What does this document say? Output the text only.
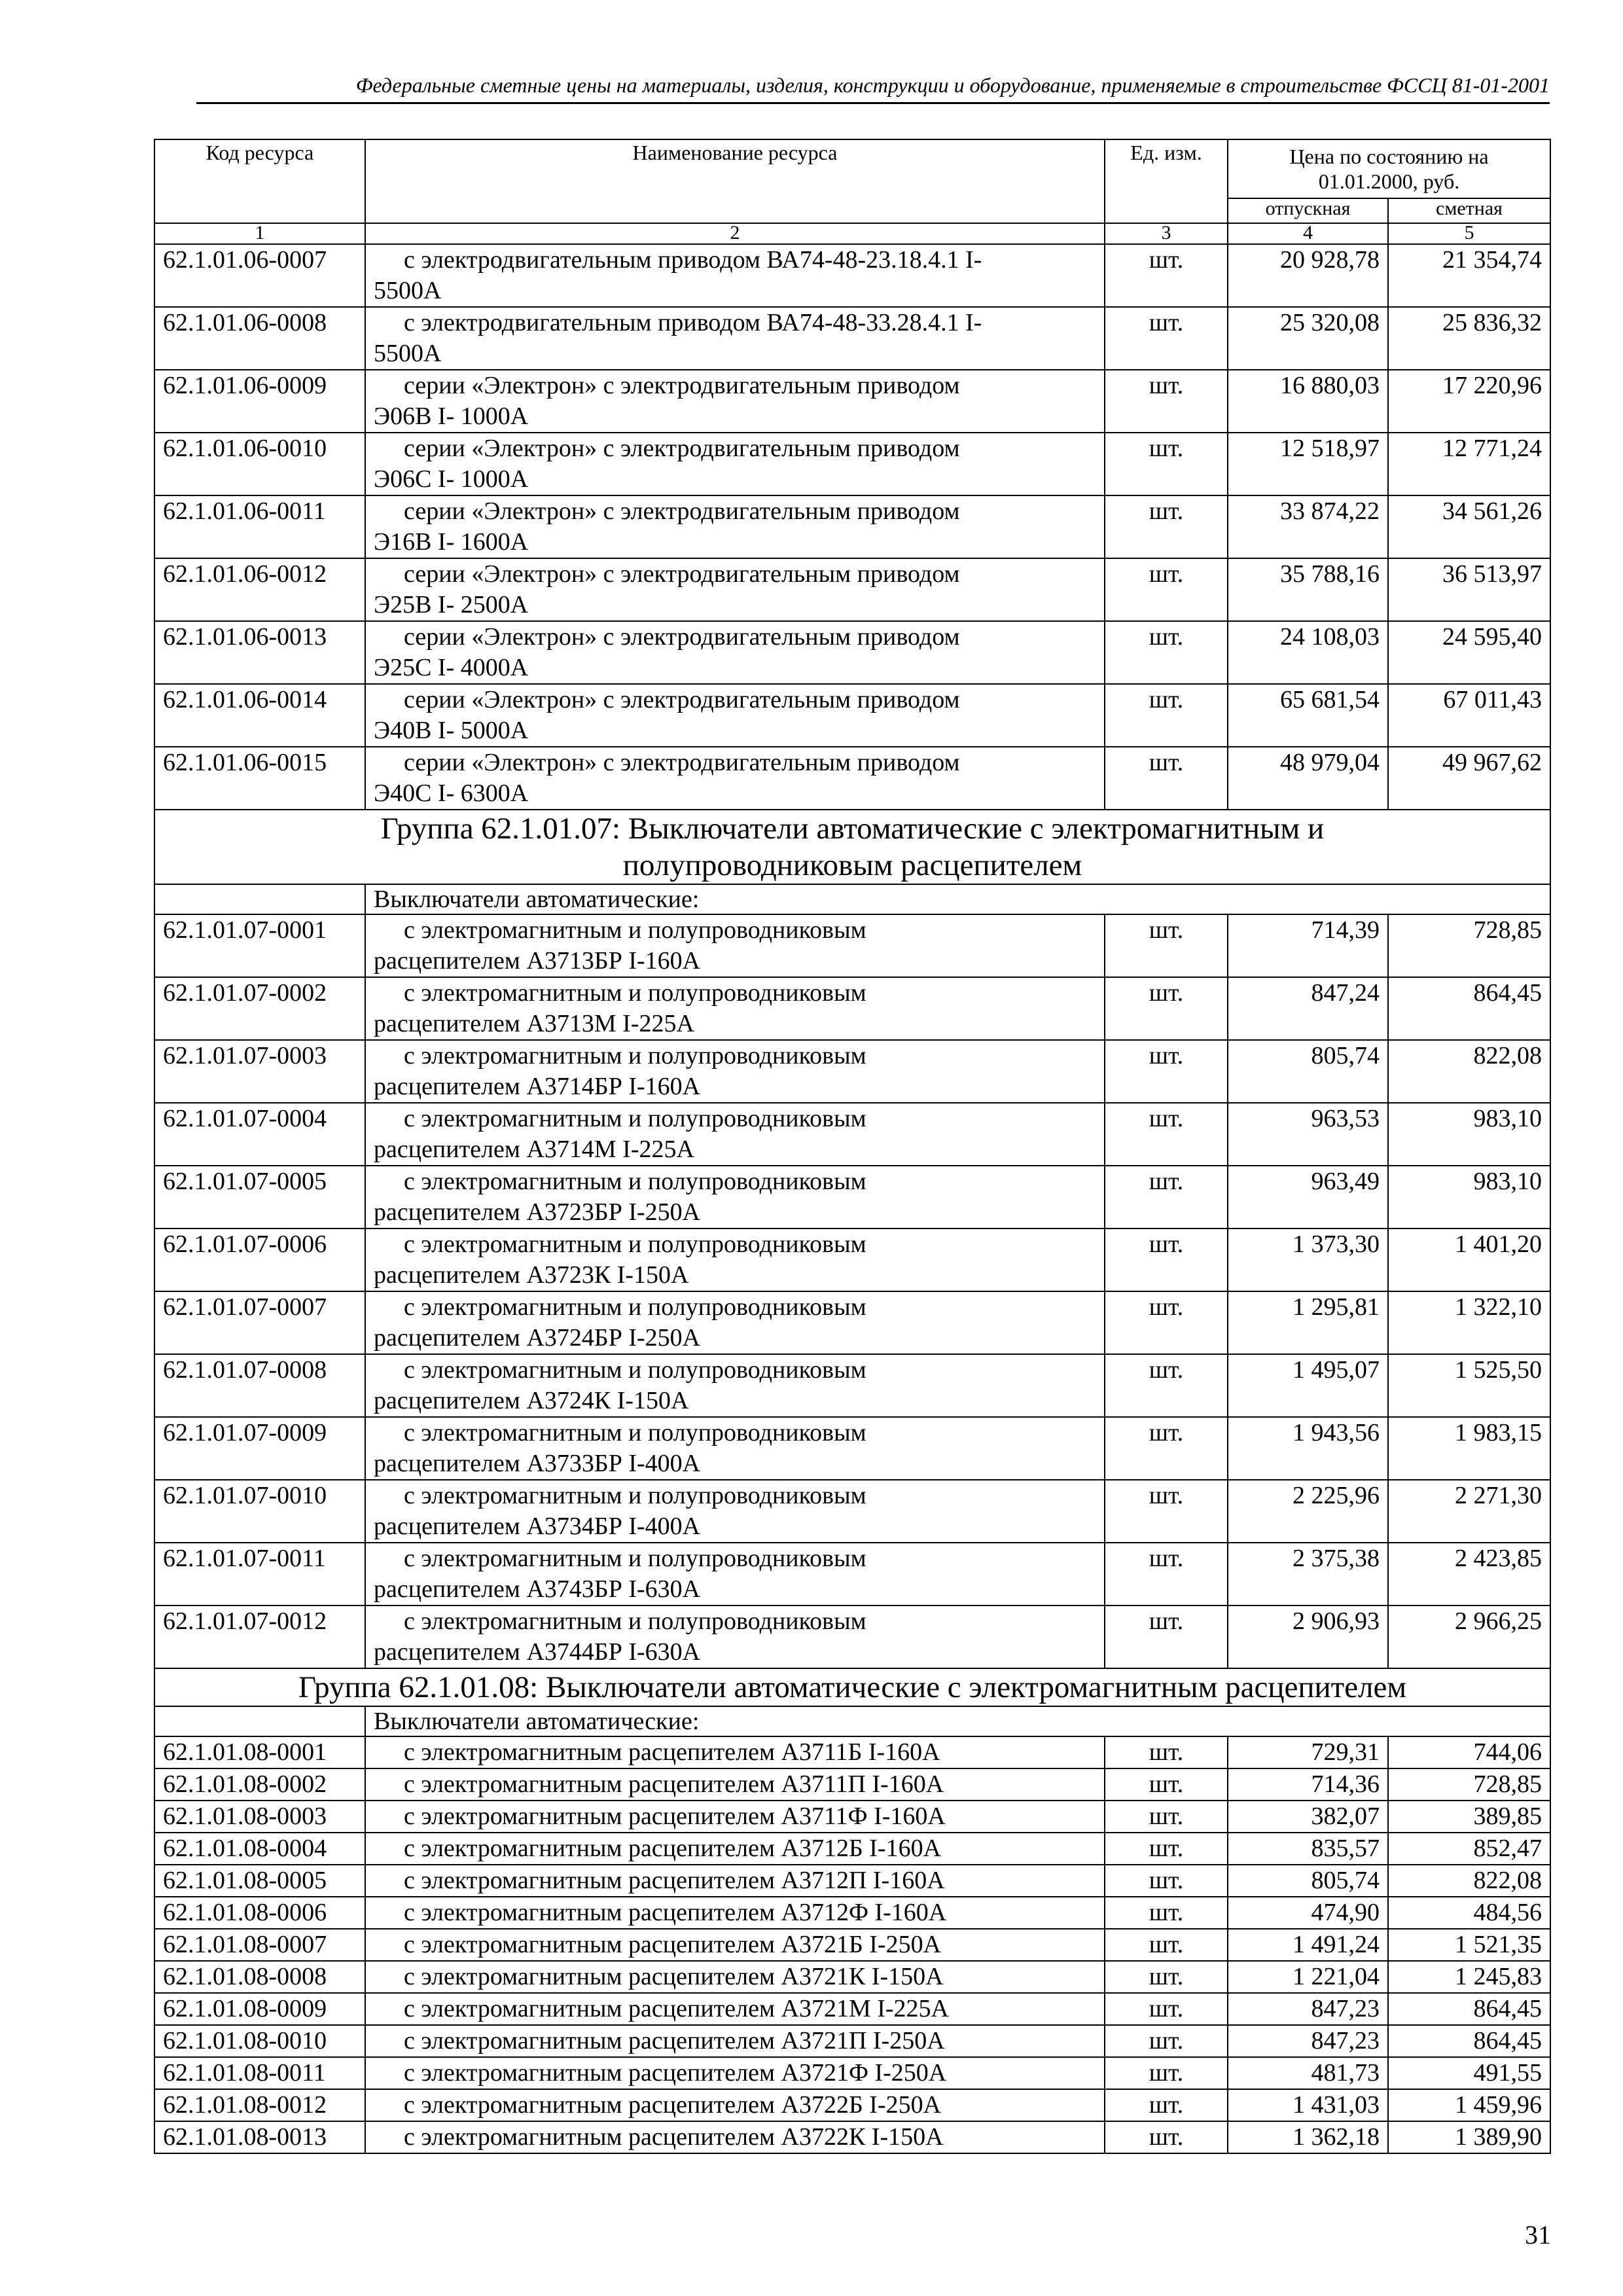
Федеральные сметные цены на материалы, изделия, конструкции и оборудование, применяемые в строительстве ФССЦ 81-01-2001
Код ресурса	Наименование ресурса	Ед. изм.	Цена по состоянию на 01.01.2000, руб.	
			отпускная	сметная
1	2	3	4	5
62.1.01.06-0007	с электродвигательным приводом ВА74-48-23.18.4.1 I-
5500А	шт.	20 928,78	21 354,74
62.1.01.06-0008	с электродвигательным приводом ВА74-48-33.28.4.1 I-
5500А	шт.	25 320,08	25 836,32
62.1.01.06-0009	серии «Электрон» с электродвигательным приводом
Э06В I- 1000А	шт.	16 880,03	17 220,96
62.1.01.06-0010	серии «Электрон» с электродвигательным приводом
Э06С I- 1000А	шт.	12 518,97	12 771,24
62.1.01.06-0011	серии «Электрон» с электродвигательным приводом
Э16В I- 1600А	шт.	33 874,22	34 561,26
62.1.01.06-0012	серии «Электрон» с электродвигательным приводом
Э25В I- 2500А	шт.	35 788,16	36 513,97
62.1.01.06-0013	серии «Электрон» с электродвигательным приводом
Э25С I- 4000А	шт.	24 108,03	24 595,40
62.1.01.06-0014	серии «Электрон» с электродвигательным приводом
Э40В I- 5000А	шт.	65 681,54	67 011,43
62.1.01.06-0015	серии «Электрон» с электродвигательным приводом
Э40С I- 6300А	шт.	48 979,04	49 967,62
Группа 62.1.01.07: Выключатели автоматические с электромагнитным и
полупроводниковым расцепителем				
	Выключатели автоматические:			
62.1.01.07-0001	с электромагнитным и полупроводниковым
расцепителем А3713БР I-160А	шт.	714,39	728,85
62.1.01.07-0002	с электромагнитным и полупроводниковым
расцепителем А3713М I-225А	шт.	847,24	864,45
62.1.01.07-0003	с электромагнитным и полупроводниковым
расцепителем А3714БР I-160А	шт.	805,74	822,08
62.1.01.07-0004	с электромагнитным и полупроводниковым
расцепителем А3714М I-225А	шт.	963,53	983,10
62.1.01.07-0005	с электромагнитным и полупроводниковым
расцепителем А3723БР I-250А	шт.	963,49	983,10
62.1.01.07-0006	с электромагнитным и полупроводниковым
расцепителем А3723К I-150А	шт.	1 373,30	1 401,20
62.1.01.07-0007	с электромагнитным и полупроводниковым
расцепителем А3724БР I-250А	шт.	1 295,81	1 322,10
62.1.01.07-0008	с электромагнитным и полупроводниковым
расцепителем А3724К I-150А	шт.	1 495,07	1 525,50
62.1.01.07-0009	с электромагнитным и полупроводниковым
расцепителем А3733БР I-400А	шт.	1 943,56	1 983,15
62.1.01.07-0010	с электромагнитным и полупроводниковым
расцепителем А3734БР I-400А	шт.	2 225,96	2 271,30
62.1.01.07-0011	с электромагнитным и полупроводниковым
расцепителем А3743БР I-630А	шт.	2 375,38	2 423,85
62.1.01.07-0012	с электромагнитным и полупроводниковым
расцепителем А3744БР I-630А	шт.	2 906,93	2 966,25
Группа 62.1.01.08: Выключатели автоматические с электромагнитным расцепителем				
	Выключатели автоматические:			
62.1.01.08-0001	с электромагнитным расцепителем А3711Б I-160А	шт.	729,31	744,06
62.1.01.08-0002	с электромагнитным расцепителем А3711П I-160А	шт.	714,36	728,85
62.1.01.08-0003	с электромагнитным расцепителем А3711Ф I-160А	шт.	382,07	389,85
62.1.01.08-0004	с электромагнитным расцепителем А3712Б I-160А	шт.	835,57	852,47
62.1.01.08-0005	с электромагнитным расцепителем А3712П I-160А	шт.	805,74	822,08
62.1.01.08-0006	с электромагнитным расцепителем А3712Ф I-160А	шт.	474,90	484,56
62.1.01.08-0007	с электромагнитным расцепителем А3721Б I-250А	шт.	1 491,24	1 521,35
62.1.01.08-0008	с электромагнитным расцепителем А3721К I-150А	шт.	1 221,04	1 245,83
62.1.01.08-0009	с электромагнитным расцепителем А3721М I-225А	шт.	847,23	864,45
62.1.01.08-0010	с электромагнитным расцепителем А3721П I-250А	шт.	847,23	864,45
62.1.01.08-0011	с электромагнитным расцепителем А3721Ф I-250А	шт.	481,73	491,55
62.1.01.08-0012	с электромагнитным расцепителем А3722Б I-250А	шт.	1 431,03	1 459,96
62.1.01.08-0013	с электромагнитным расцепителем А3722К I-150А	шт.	1 362,18	1 389,90
31
